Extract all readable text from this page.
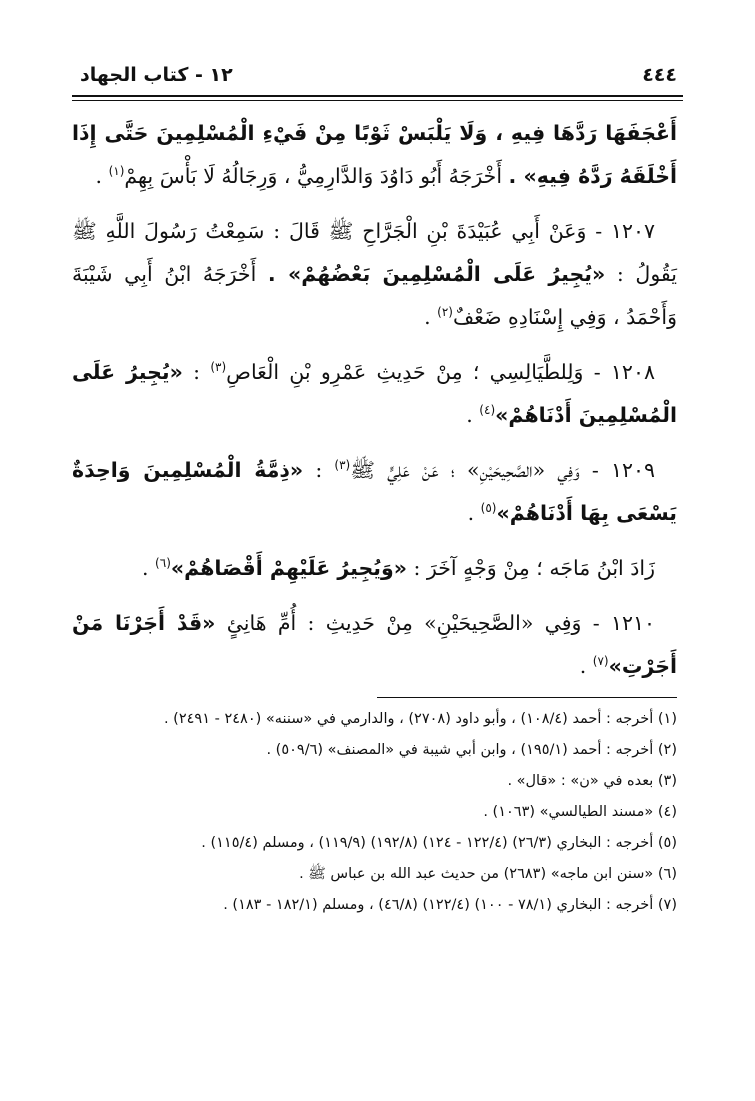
٤٤٤
١٢ - كتاب الجهاد

أَعْجَفَهَا رَدَّهَا فِيهِ ، وَلَا يَلْبَسْ ثَوْبًا مِنْ فَيْءِ الْمُسْلِمِينَ حَتَّى إِذَا أَخْلَقَهُ رَدَّهُ فِيهِ» . أَخْرَجَهُ أَبُو دَاوُدَ وَالدَّارِمِيُّ ، وَرِجَالُهُ لَا بَأْسَ بِهِمْ$^{(١)}$ .

١٢٠٧ - وَعَنْ أَبِي عُبَيْدَةَ بْنِ الْجَرَّاحِ ﷺ قَالَ : سَمِعْتُ رَسُولَ اللَّهِ ﷺ يَقُولُ : «يُجِيرُ عَلَى الْمُسْلِمِينَ بَعْضُهُمْ» . أَخْرَجَهُ ابْنُ أَبِي شَيْبَةَ وَأَحْمَدُ ، وَفِي إِسْنَادِهِ ضَعْفٌ$^{(٢)}$ .

١٢٠٨ - وَلِلطَّيَالِسِي ؛ مِنْ حَدِيثِ عَمْرِو بْنِ الْعَاصِ$^{(٣)}$ : «يُجِيرُ عَلَى الْمُسْلِمِينَ أَدْنَاهُمْ»$^{(٤)}$ .

١٢٠٩ - وَفِي «الصَّحِيحَيْنِ» ؛ عَنْ عَلِيٍّ ﷺ$^{(٣)}$ : «ذِمَّةُ الْمُسْلِمِينَ وَاحِدَةٌ يَسْعَى بِهَا أَدْنَاهُمْ»$^{(٥)}$ .

زَادَ ابْنُ مَاجَه ؛ مِنْ وَجْهٍ آخَرَ : «وَيُجِيرُ عَلَيْهِمْ أَقْصَاهُمْ»$^{(٦)}$ .

١٢١٠ - وَفِي «الصَّحِيحَيْنِ» مِنْ حَدِيثِ : أُمِّ هَانِئٍ «قَدْ أَجَرْنَا مَنْ أَجَرْتِ»$^{(٧)}$ .

(١) أخرجه : أحمد (١٠٨/٤) ، وأبو داود (٢٧٠٨) ، والدارمي في «سننه» (٢٤٨٠ - ٢٤٩١) .
(٢) أخرجه : أحمد (١٩٥/١) ، وابن أبي شيبة في «المصنف» (٥٠٩/٦) .
(٣) بعده في «ن» : «قال» .
(٤) «مسند الطيالسي» (١٠٦٣) .
(٥) أخرجه : البخاري (٢٦/٣) (١٢٢/٤ - ١٢٤) (١٩٢/٨) (١١٩/٩) ، ومسلم (١١٥/٤) .
(٦) «سنن ابن ماجه» (٢٦٨٣) من حديث عبد الله بن عباس ﷺ .
(٧) أخرجه : البخاري (٧٨/١ - ١٠٠) (١٢٢/٤) (٤٦/٨) ، ومسلم (١٨٢/١ - ١٨٣) .
